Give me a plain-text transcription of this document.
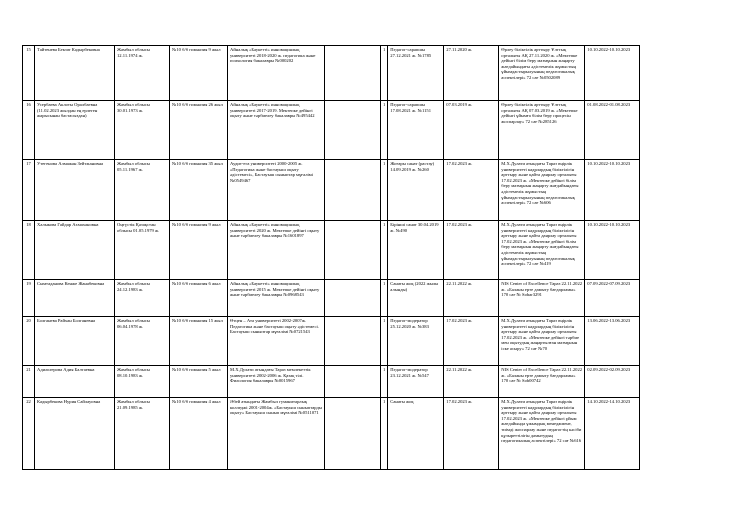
15	Тайтенева Бекзат Кадырбековна	Жамбыл облысы 12.11.1974 ж.	№10 б/б гимназия 9 жыл	Айналық «Баукетті» инновациялық университеті 2018-2020 ж. педагогика және психология бакалавры №000202		1	Педагог-сарапшы 27.12.2021 ж. №1785	27.11.2020 ж.	Өрлеу біліктілік арттыру Ұлттық орталығы АҚ 27.11.2020 ж. «Мектепке дейінгі білім беру мазмұнын жаңарту жағдайындағы әдістемелік жұмыстың ұйымдастырылуының педагогикалық аспектілері» 72 сағ №0502089	10.10.2022-10.10.2023
16	Усербаева Аклоты Оралбаевна (11.02.2023 жылдан ең ерлеген жарысынан бастасыздан)	Жамбыл облысы 30.01.1973 ж.	№10 б/б гимназия 26 жыл	Айналық «Баукетті» инновациялық университеті 2017-2019. Мектепке дейінгі оқыту және тәрбиелеу бакалавры №495442		1	Педагог-сарапшы 17.08.2021 ж. №1151	07.03.2019 ж.	Өрлеу біліктілік арттыру Ұлттық орталығы АҚ 07.03.2019 ж. «Мектепке дейінгі ұйымға білім беру процесін жоспарлау» 72 сағ №285126	01.08.2022-01.08.2023
17	Утегенова Алмажан Зейтжановна	Жамбыл облысы 05.11.1967 ж.	№10 б/б гимназия 35 жыл	Аудит-ега университеті 2000-2005 ж. «Педагогика және бастауыш оқыту әдістемесі», Бастауыш сыныптар мұғалімі №0549467		1	Жоғары санат (растау) 14.09.2019 ж. №260	17.02.2023 ж.	М.Х.Дулати атындағы Тараз өңірлік университеті кадрлардың біліктілігін арттыру және қайта даярлау орталығы 17.02.2023 ж. «Мектепке дейінгі білім беру мазмұнын жаңарту жағдайындағы әдістемелік жұмыстың ұйымдастырылуының педагогикалық аспектілері» 72 сағ №606	10.10.2022-10.10.2023
18	Халыкова Гайдар Ахмахановна	Оңтүстік Қазақстан облысы 01.05.1979 ж.	№10 б/б гимназия 9 жыл	Айналық «Баукетті» инновациялық университеті 2020 ж. Мектепке дейінгі оқыту және тәрбиелеу бакалавры №1601897		1	Бірінші санат 30.04.2019 ж. №490	17.02.2023 ж.	М.Х.Дулати атындағы Тараз өңірлік университеті кадрлардың біліктілігін арттыру және қайта даярлау орталығы 17.02.2023 ж. «Мектепке дейінгі білім беру мазмұнын жаңарту жағдайындағы әдістемелік жұмыстың ұйымдастырылуының педагогикалық аспектілері» 72 сағ №419	10.10.2022-10.10.2023
19	Сымтаданова Кенжe Жанабековна	Жамбыл облысы 24.12.1983 ж.	№10 б/б гимназия 6 жыл	Айналық «Баукетті» инновациялық университеті 2015 ж. Мектепке дейінгі оқыту және тәрбиелеу бакалавры №0968543		1	Санаты жоқ (2022 жылы алынды)	22.11.2022 ж.	NIS Center of Excellence Тараз 22.11.2022 ж. «Баланы ерте дамыту бағдарламы» 170 сағ № Sobar3291	07.09.2022-07.09.2023
20	Болганева Райхан Болганевна	Жамбыл облысы 06.04.1978 ж.	№10 б/б гимназия 15 жыл	Өтцен – Ата университеті 2002-2007ж. Педагогика және бастауыш оқыту әдістемесі. Бастауыш сыныптар мұғалімі №0721543		1	Педагог-модератор 25.12.2020 ж. №383	17.02.2023 ж.	М.Х.Дулати атындағы Тараз өңірлік университеті кадрлардың біліктілігін арттыру және қайта даярлау орталығы 17.02.2023 ж. «Мектепке дейінгі тәрбие мен оқытудың жаңартылған мазмұнын іске асыру» 72 сағ №70	13.06.2022-13.06.2023
21	Адильтерова Адия Балтаевна	Жамбыл облысы 08.10.1983 ж.	№10 б/б гимназия 5 жыл	М.Х.Дулати атындағы Тараз мемлекеттік университеті 2002-2006 ж. Қазақ тілі. Филология бакалавры №0015967		1	Педагог-модератор 23.12.2021 ж. №547	22.11.2022 ж.	NIS Center of Excellence Тараз 22.11.2022 ж. «Баланы ерте дамыту бағдарламы» 170 сағ № Sob00742	02.09.2022-02.09.2023
22	Кадырбекова Нурия Сайлауовна	Жамбыл облысы 21.09.1985 ж.	№10 б/б гимназия 4 жыл	Әбей атындағы Жамбыл гуманитарлық колледжі 2001-2004ж. «Бастауыш сыныптарды оқыту» Бастауыш сынып мұғалімі №0511071		1	Санаты жоқ	17.02.2023 ж.	М.Х.Дулати атындағы Тараз өңірлік университеті кадрлардың біліктілігін арттыру және қайта даярлау орталығы 17.02.2023 ж. «Мектепке дейінгі ұйым жағдайында ұжымдық менеджмент, тиімді жоспарлау және педагогтің кәсіби құзыреттілігін дамытудың педагогикалық аспектілері» 72 сағ №616	14.10.2022-14.10.2023
